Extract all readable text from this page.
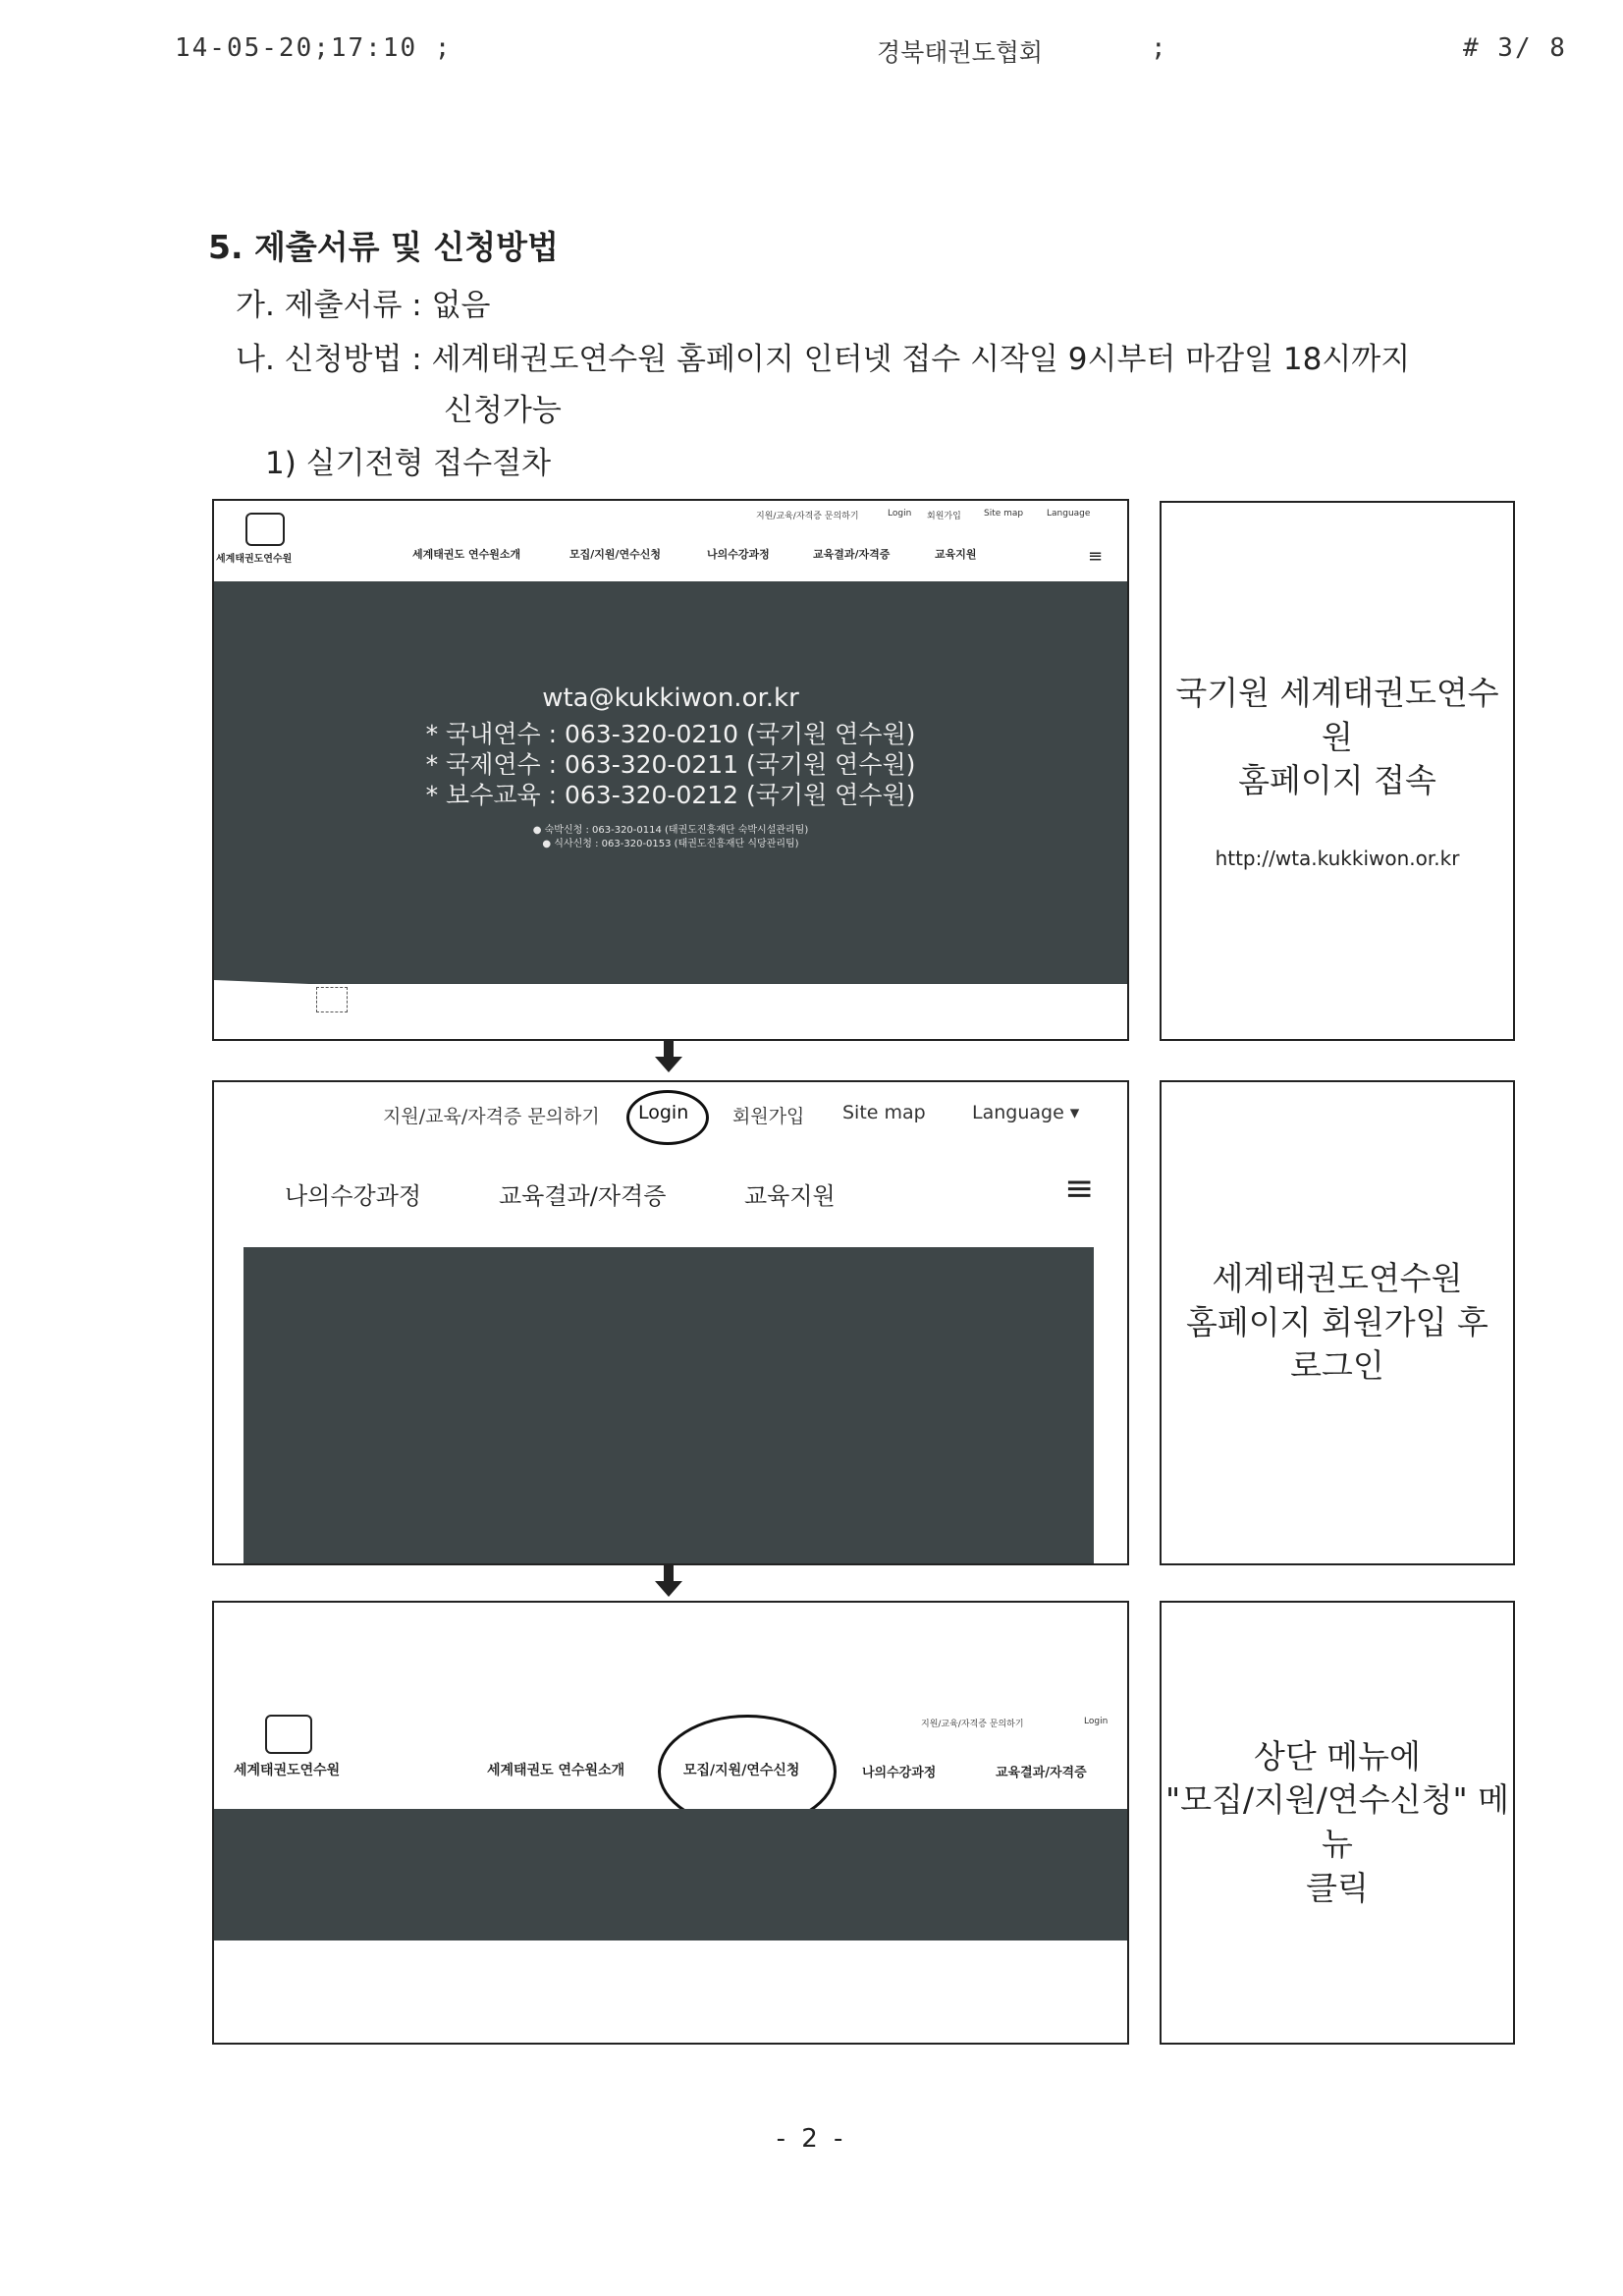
14-05-20;17:10 ;	경북태권도협회	;	# 3/ 8
5. 제출서류 및 신청방법
가. 제출서류 : 없음
나. 신청방법 : 세계태권도연수원 홈페이지 인터넷 접수 시작일 9시부터 마감일 18시까지
신청가능
1) 실기전형 접수절차
세계태권도연수원
지원/교육/자격증 문의하기	Login 회원가입	Site map	Language
세계태권도 연수원소개	모집/지원/연수신청	나의수강과정	교육결과/자격증	교육지원	≡
wta@kukkiwon.or.kr
* 국내연수 : 063-320-0210 (국기원 연수원)
* 국제연수 : 063-320-0211 (국기원 연수원)
* 보수교육 : 063-320-0212 (국기원 연수원)
● 숙박신청 : 063-320-0114 (태권도진흥재단 숙박시설관리팀)
● 식사신청 : 063-320-0153 (태권도진흥재단 식당관리팀)
국기원 세계태권도연수원
홈페이지 접속
http://wta.kukkiwon.or.kr
지원/교육/자격증 문의하기 Login 회원가입 Site map Language ▾
나의수강과정	교육결과/자격증	교육지원	≡
세계태권도연수원
홈페이지 회원가입 후
로그인
지원/교육/자격증 문의하기	Login
세계태권도연수원	세계태권도 연수원소개	모집/지원/연수신청	나의수강과정	교육결과/자격증	상단 메뉴에
"모집/지원/연수신청" 메뉴
클릭
- 2 -
